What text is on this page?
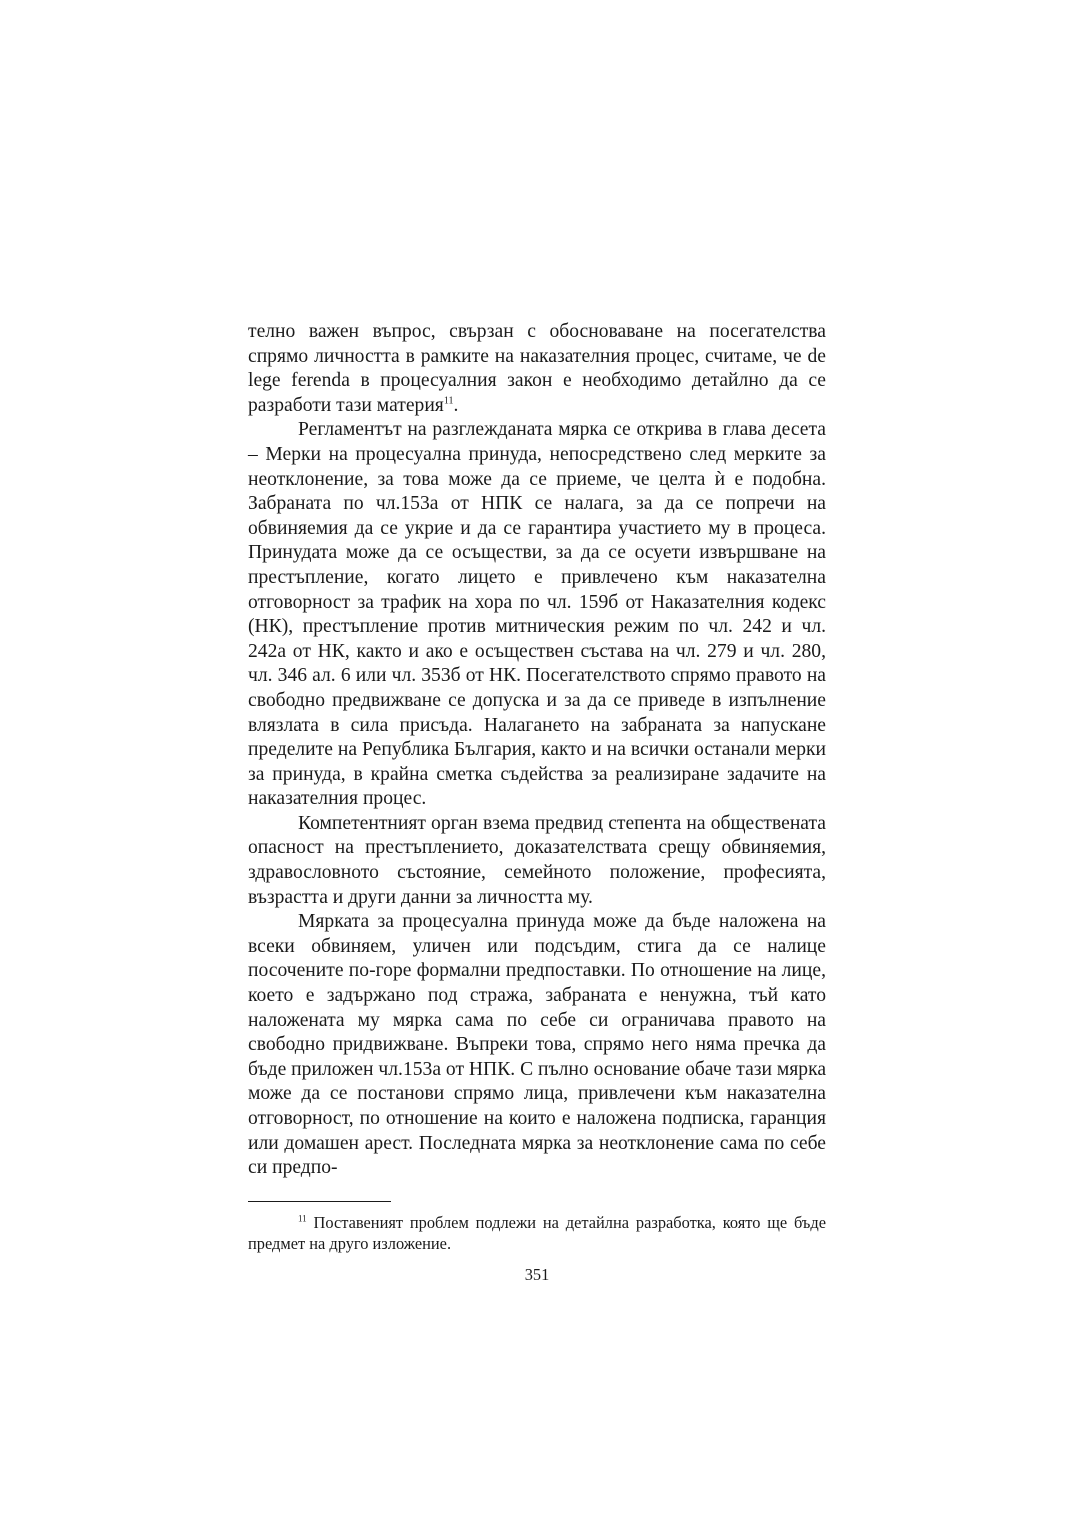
телно важен въпрос, свързан с обосноваване на посегателства спрямо личността в рамките на наказателния процес, считаме, че de lege ferenda в процесуалния закон е необходимо детайлно да се разработи тази материя$^{11}$.

Регламентът на разглежданата мярка се открива в глава десета – Мерки на процесуална принуда, непосредствено след мерките за неотклонение, за това може да се приеме, че целта ѝ е подобна. Забраната по чл.153а от НПК се налага, за да се попречи на обвиняемия да се укрие и да се гарантира участието му в процеса. Принудата може да се осъществи, за да се осуети извършване на престъпление, когато лицето е привлечено към наказателна отговорност за трафик на хора по чл. 159б от Наказателния кодекс (НК), престъпление против митническия режим по чл. 242 и чл. 242а от НК, както и ако е осъществен състава на чл. 279 и чл. 280, чл. 346 ал. 6 или чл. 353б от НК. Посегателството спрямо правото на свободно предвижване се допуска и за да се приведе в изпълнение влязлата в сила присъда. Налагането на забраната за напускане пределите на Република България, както и на всички останали мерки за принуда, в крайна сметка съдейства за реализиране задачите на наказателния процес.

Компетентният орган взема предвид степента на обществената опасност на престъплението, доказателствата срещу обвиняемия, здравословното състояние, семейното положение, професията, възрастта и други данни за личността му.

Мярката за процесуална принуда може да бъде наложена на всеки обвиняем, уличен или подсъдим, стига да се налице посочените по-горе формални предпоставки. По отношение на лице, което е задържано под стража, забраната е ненужна, тъй като наложената му мярка сама по себе си ограничава правото на свободно придвижване. Въпреки това, спрямо него няма пречка да бъде приложен чл.153а от НПК. С пълно основание обаче тази мярка може да се постанови спрямо лица, привлечени към наказателна отговорност, по отношение на които е наложена подписка, гаранция или домашен арест. Последната мярка за неотклонение сама по себе си предпо-

$^{11}$ Поставеният проблем подлежи на детайлна разработка, която ще бъде предмет на друго изложение.

351
